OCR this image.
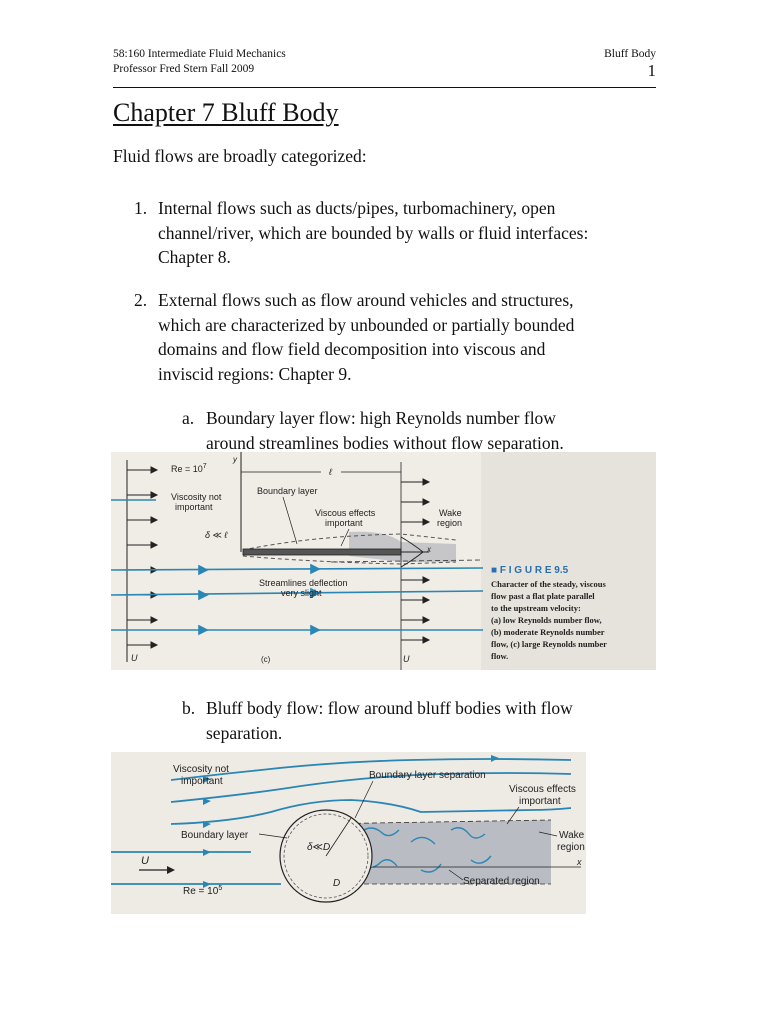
58:160 Intermediate Fluid Mechanics
Professor Fred Stern Fall 2009
Bluff Body
1
Chapter 7 Bluff Body
Fluid flows are broadly categorized:
1. Internal flows such as ducts/pipes, turbomachinery, open
channel/river, which are bounded by walls or fluid interfaces:
Chapter 8.
2. External flows such as flow around vehicles and structures,
which are characterized by unbounded or partially bounded
domains and flow field decomposition into viscous and
inviscid regions: Chapter 9.
a. Boundary layer flow: high Reynolds number flow
around streamlines bodies without flow separation.
$Re = 10^7$
Viscosity not
important
Boundary layer
Viscous effects
important
Wake
region
δ ≪ ℓ
Streamlines deflection
very slight
U	U
y
x
ℓ
(c)
■ F I G U R E 9.5
Character of the steady, viscous
flow past a flat plate parallel
to the upstream velocity:
(a) low Reynolds number flow,
(b) moderate Reynolds number
flow, (c) large Reynolds number
flow.
b. Bluff body flow: flow around bluff bodies with flow
separation.
Viscosity not
important
Boundary layer separation
Viscous effects
important
Boundary layer
δ≪D
D
Wake
region
U
$Re = 10^5$
Separated region
x
